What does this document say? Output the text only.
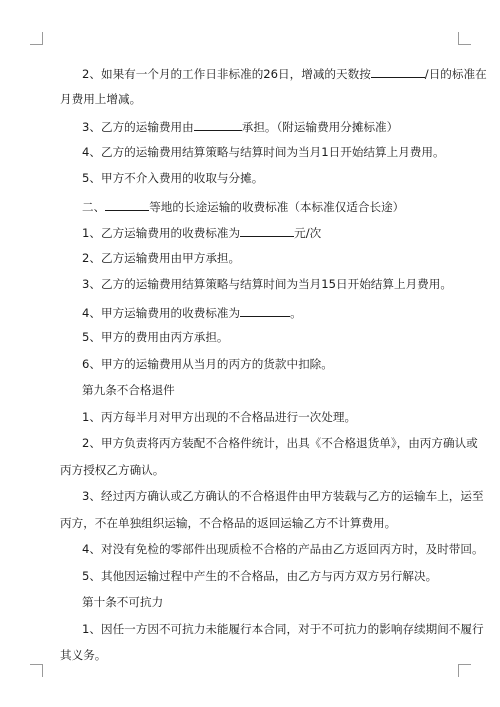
2、如果有一个月的工作日非标准的26日，增减的天数按	/日的标准在
月费用上增减。
3、乙方的运输费用由	承担。（附运输费用分摊标准）
4、乙方的运输费用结算策略与结算时间为当月1日开始结算上月费用。
5、甲方不介入费用的收取与分摊。
二、	等地的长途运输的收费标准（本标准仅适合长途）
1、乙方运输费用的收费标准为	元/次
2、乙方运输费用由甲方承担。
3、乙方的运输费用结算策略与结算时间为当月15日开始结算上月费用。
4、甲方运输费用的收费标准为	。
5、甲方的费用由丙方承担。
6、甲方的运输费用从当月的丙方的货款中扣除。
第九条不合格退件
1、丙方每半月对甲方出现的不合格品进行一次处理。
2、甲方负责将丙方装配不合格件统计，出具《不合格退货单》，由丙方确认或
丙方授权乙方确认。
3、经过丙方确认或乙方确认的不合格退件由甲方装载与乙方的运输车上，运至
丙方，不在单独组织运输，不合格品的返回运输乙方不计算费用。
4、对没有免检的零部件出现质检不合格的产品由乙方返回丙方时，及时带回。
5、其他因运输过程中产生的不合格品，由乙方与丙方双方另行解决。
第十条不可抗力
1、因任一方因不可抗力未能履行本合同，对于不可抗力的影响存续期间不履行
其义务。
